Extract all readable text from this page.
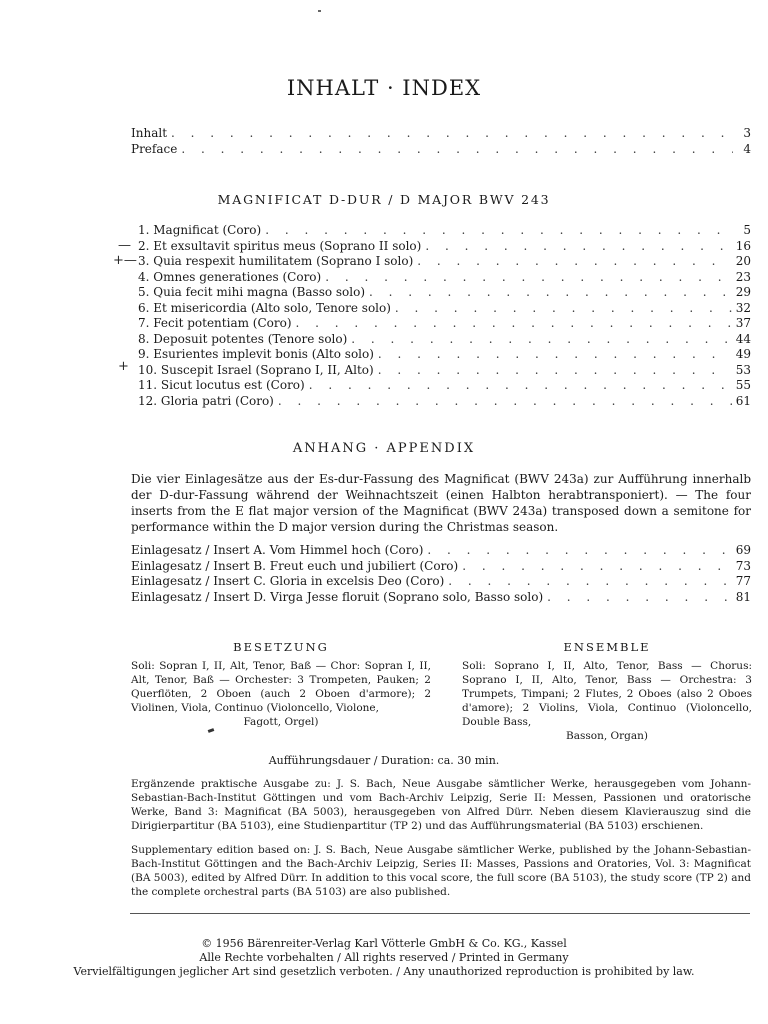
INHALT · INDEX
Inhalt . . .	3
Preface . . .	4
MAGNIFICAT D-DUR / D MAJOR BWV 243
—
+—
+
1. Magnificat (Coro) . . .	5
2. Et exsultavit spiritus meus (Soprano II solo) . . .	16
3. Quia respexit humilitatem (Soprano I solo) . . .	20
4. Omnes generationes (Coro) . . .	23
5. Quia fecit mihi magna (Basso solo) . . .	29
6. Et misericordia (Alto solo, Tenore solo) . . .	32
7. Fecit potentiam (Coro) . . .	37
8. Deposuit potentes (Tenore solo) . . .	44
9. Esurientes implevit bonis (Alto solo) . . .	49
10. Suscepit Israel (Soprano I, II, Alto) . . .	53
11. Sicut locutus est (Coro) . . .	55
12. Gloria patri (Coro) . . .	61
ANHANG · APPENDIX
Die vier Einlagesätze aus der Es-dur-Fassung des Magnificat (BWV 243a) zur Aufführung innerhalb der D-dur-Fassung während der Weihnachtszeit (einen Halbton herabtransponiert). — The four inserts from the E flat major version of the Magnificat (BWV 243a) transposed down a semitone for performance within the D major version during the Christmas season.
Einlagesatz / Insert A. Vom Himmel hoch (Coro) . . .	69
Einlagesatz / Insert B. Freut euch und jubiliert (Coro) . . .	73
Einlagesatz / Insert C. Gloria in excelsis Deo (Coro) . . .	77
Einlagesatz / Insert D. Virga Jesse floruit (Soprano solo, Basso solo) . . .	81
BESETZUNG
Soli: Sopran I, II, Alt, Tenor, Baß — Chor: Sopran I, II, Alt, Tenor, Baß — Orchester: 3 Trompeten, Pauken; 2 Querflöten, 2 Oboen (auch 2 Oboen d'armore); 2 Violinen, Viola, Continuo (Violoncello, Violone,
Fagott, Orgel)
ENSEMBLE
Soli: Soprano I, II, Alto, Tenor, Bass — Chorus: Soprano I, II, Alto, Tenor, Bass — Orchestra: 3 Trumpets, Timpani; 2 Flutes, 2 Oboes (also 2 Oboes d'amore); 2 Violins, Viola, Continuo (Violoncello, Double Bass,
Basson, Organ)
Aufführungsdauer / Duration: ca. 30 min.
Ergänzende praktische Ausgabe zu: J. S. Bach, Neue Ausgabe sämtlicher Werke, herausgegeben vom Johann-Sebastian-Bach-Institut Göttingen und vom Bach-Archiv Leipzig, Serie II: Messen, Passionen und oratorische Werke, Band 3: Magnificat (BA 5003), herausgegeben von Alfred Dürr. Neben diesem Klavierauszug sind die Dirigierpartitur (BA 5103), eine Studienpartitur (TP 2) und das Aufführungsmaterial (BA 5103) erschienen.
Supplementary edition based on: J. S. Bach, Neue Ausgabe sämtlicher Werke, published by the Johann-Sebastian-Bach-Institut Göttingen and the Bach-Archiv Leipzig, Series II: Masses, Passions and Oratories, Vol. 3: Magnificat (BA 5003), edited by Alfred Dürr. In addition to this vocal score, the full score (BA 5103), the study score (TP 2) and the complete orchestral parts (BA 5103) are also published.
© 1956 Bärenreiter-Verlag Karl Vötterle GmbH & Co. KG., Kassel
Alle Rechte vorbehalten / All rights reserved / Printed in Germany
Vervielfältigungen jeglicher Art sind gesetzlich verboten. / Any unauthorized reproduction is prohibited by law.
